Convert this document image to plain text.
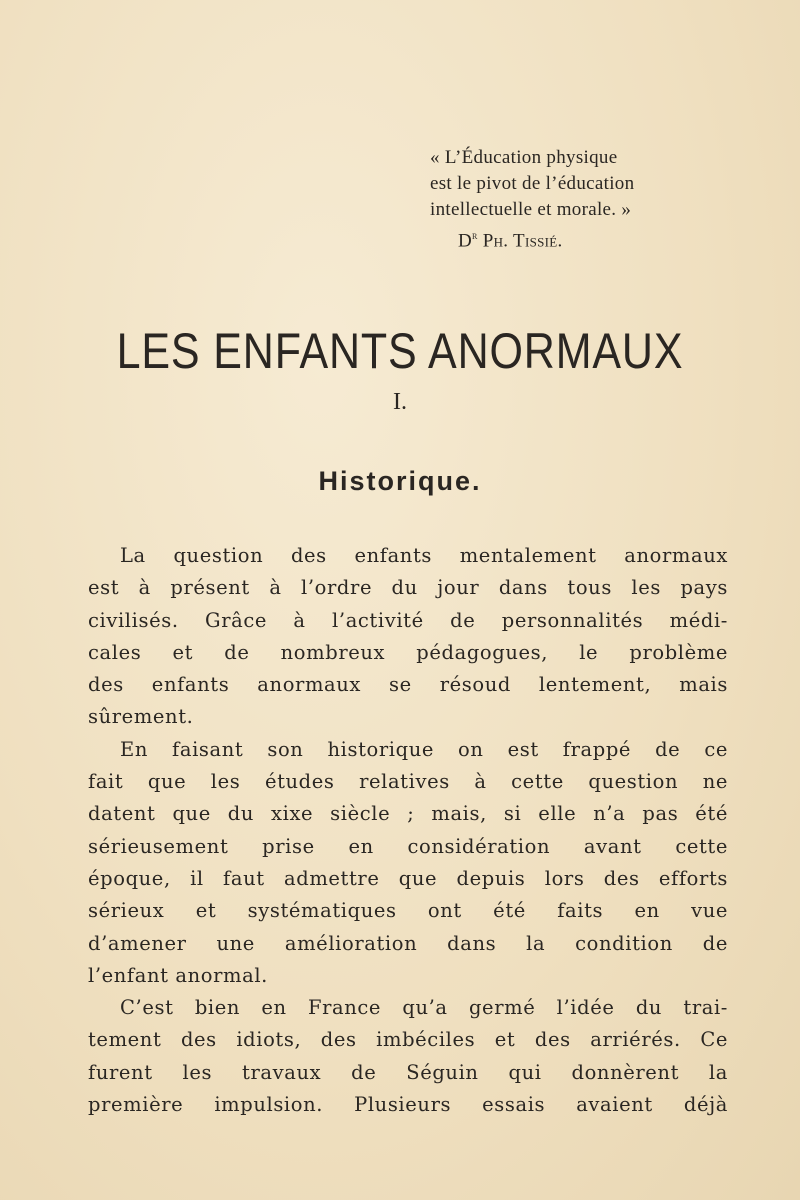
« L’Éducation physique
est le pivot de l’éducation
intellectuelle et morale. »
$D^r$ Ph. Tissié.
LES ENFANTS ANORMAUX
I.
Historique.
La question des enfants mentalement anormaux
est à présent à l’ordre du jour dans tous les pays
civilisés. Grâce à l’activité de personnalités médi-
cales et de nombreux pédagogues, le problème
des enfants anormaux se résoud lentement, mais
sûrement.
En faisant son historique on est frappé de ce
fait que les études relatives à cette question ne
datent que du xixe siècle ; mais, si elle n’a pas été
sérieusement prise en considération avant cette
époque, il faut admettre que depuis lors des efforts
sérieux et systématiques ont été faits en vue
d’amener une amélioration dans la condition de
l’enfant anormal.
C’est bien en France qu’a germé l’idée du trai-
tement des idiots, des imbéciles et des arriérés. Ce
furent les travaux de Séguin qui donnèrent la
première impulsion. Plusieurs essais avaient déjà
